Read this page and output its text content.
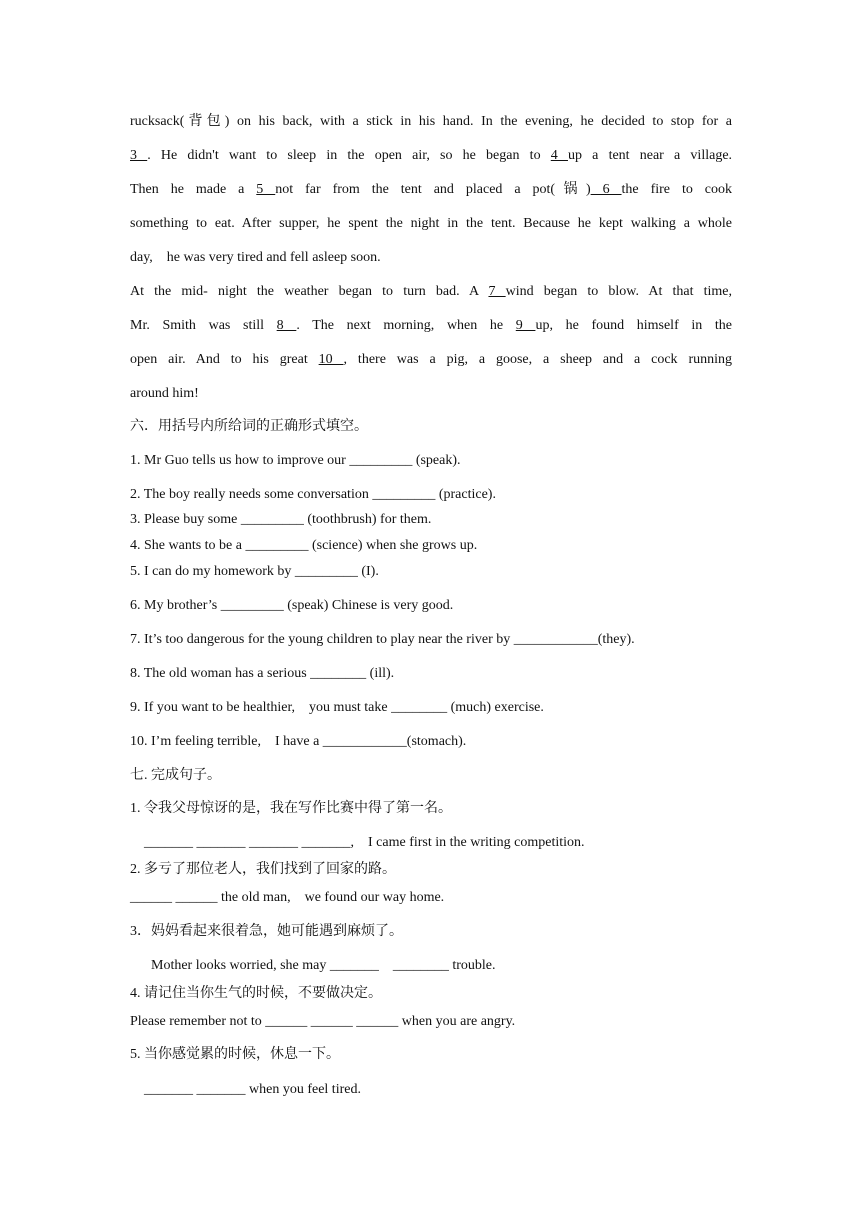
rucksack(背包) on his back, with a stick in his hand. In the evening, he decided to stop for a
3 . He didn't want to sleep in the open air, so he began to 4 up a tent near a village.
Then he made a 5 not far from the tent and placed a pot(锅) 6 the fire to cook
something to eat. After supper, he spent the night in the tent. Because he kept walking a whole
day,    he was very tired and fell asleep soon.
At the mid- night the weather began to turn bad. A 7 wind began to blow. At that time,
Mr. Smith was still 8 . The next morning, when he 9 up, he found himself in the
open air. And to his great 10 , there was a pig, a goose, a sheep and a cock running
around him!
六．用括号内所给词的正确形式填空。
1. Mr Guo tells us how to improve our _________ (speak).
2. The boy really needs some conversation _________ (practice).
3. Please buy some _________ (toothbrush) for them.
4. She wants to be a _________ (science) when she grows up.
5. I can do my homework by _________ (I).
6. My brother’s _________ (speak) Chinese is very good.
7. It’s too dangerous for the young children to play near the river by ____________(they).
8. The old woman has a serious ________ (ill).
9. If you want to be healthier,    you must take ________ (much) exercise.
10. I’m feeling terrible,    I have a ____________(stomach).
七. 完成句子。
1. 令我父母惊讶的是，我在写作比赛中得了第一名。
_______ _______ _______ _______,    I came first in the writing competition.
2. 多亏了那位老人，我们找到了回家的路。
______ ______ the old man,    we found our way home.
3．妈妈看起来很着急，她可能遇到麻烦了。
Mother looks worried, she may _______    ________ trouble.
4. 请记住当你生气的时候，不要做决定。
Please remember not to ______ ______ ______ when you are angry.
5. 当你感觉累的时候，休息一下。
_______ _______ when you feel tired.
